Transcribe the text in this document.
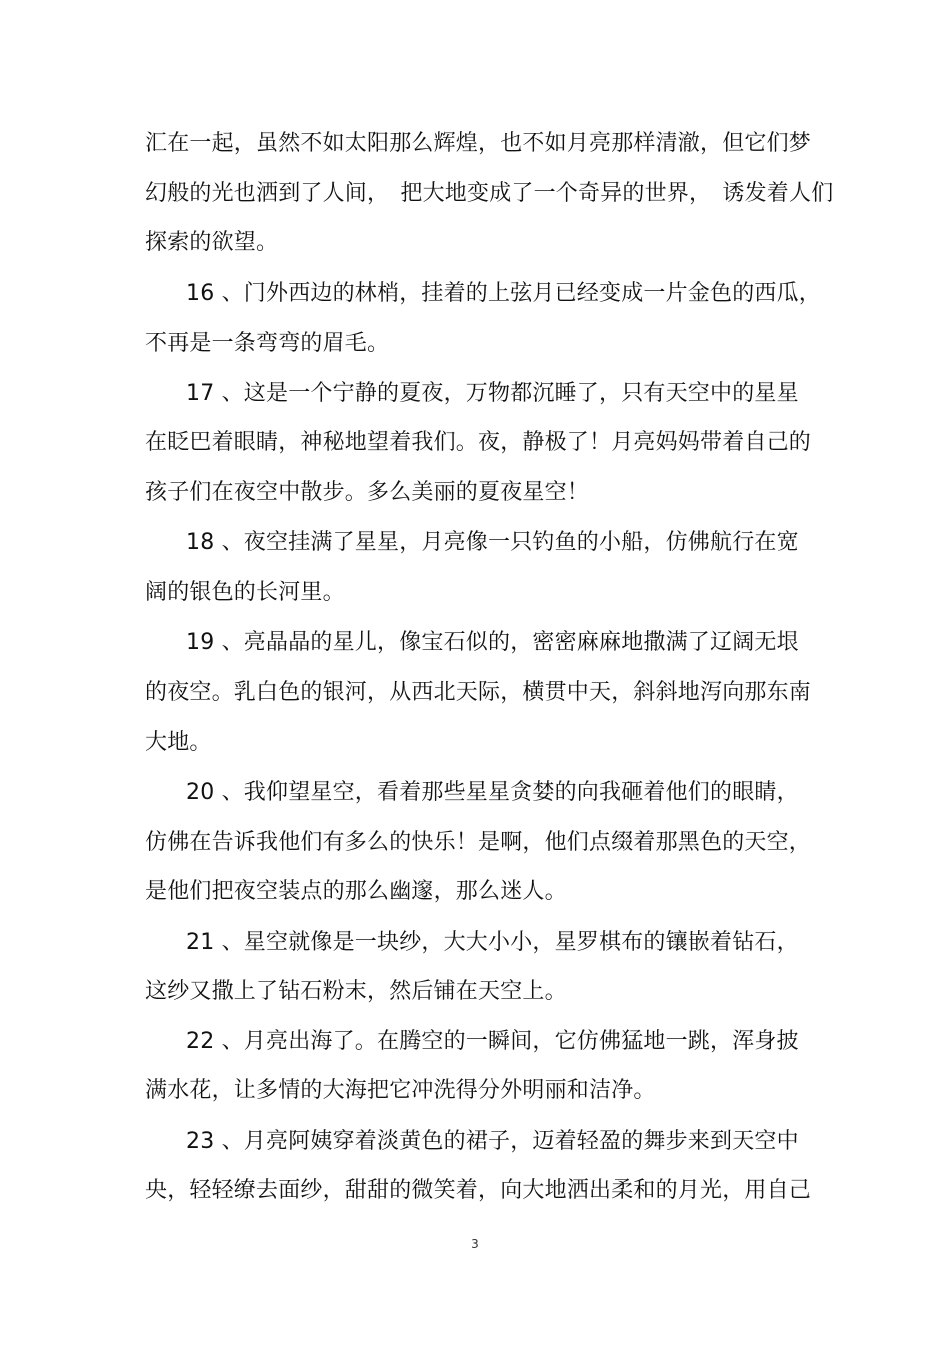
汇在一起，虽然不如太阳那么辉煌，也不如月亮那样清澈，但它们梦
幻般的光也洒到了人间，　把大地变成了一个奇异的世界，　诱发着人们
探索的欲望。
16 、门外西边的林梢，挂着的上弦月已经变成一片金色的西瓜，
不再是一条弯弯的眉毛。
17 、这是一个宁静的夏夜，万物都沉睡了，只有天空中的星星
在眨巴着眼睛，神秘地望着我们。夜，静极了！月亮妈妈带着自己的
孩子们在夜空中散步。多么美丽的夏夜星空！
18 、夜空挂满了星星，月亮像一只钓鱼的小船，仿佛航行在宽
阔的银色的长河里。
19 、亮晶晶的星儿，像宝石似的，密密麻麻地撒满了辽阔无垠
的夜空。乳白色的银河，从西北天际，横贯中天，斜斜地泻向那东南
大地。
20 、我仰望星空，看着那些星星贪婪的向我砸着他们的眼睛，
仿佛在告诉我他们有多么的快乐！是啊，他们点缀着那黑色的天空，
是他们把夜空装点的那么幽邃，那么迷人。
21 、星空就像是一块纱，大大小小，星罗棋布的镶嵌着钻石，
这纱又撒上了钻石粉末，然后铺在天空上。
22 、月亮出海了。在腾空的一瞬间，它仿佛猛地一跳，浑身披
满水花，让多情的大海把它冲洗得分外明丽和洁净。
23 、月亮阿姨穿着淡黄色的裙子，迈着轻盈的舞步来到天空中
央，轻轻缭去面纱，甜甜的微笑着，向大地洒出柔和的月光，用自己
3
